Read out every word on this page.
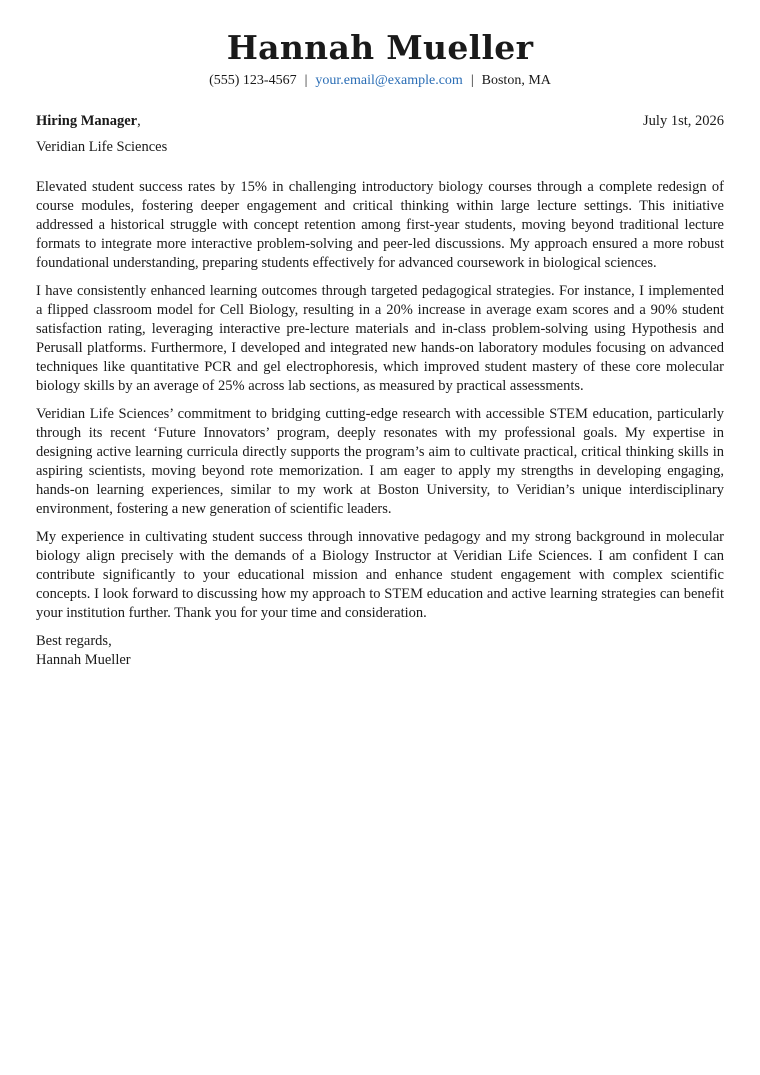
Hannah Mueller
(555) 123-4567 | your.email@example.com | Boston, MA
Hiring Manager,	July 1st, 2026
Veridian Life Sciences

Elevated student success rates by 15% in challenging introductory biology courses through a complete redesign of course modules, fostering deeper engagement and critical thinking within large lecture settings. This initiative addressed a historical struggle with concept retention among first-year students, moving beyond traditional lecture formats to integrate more interactive problem-solving and peer-led discussions. My approach ensured a more robust foundational understanding, preparing students effectively for advanced coursework in biological sciences.

I have consistently enhanced learning outcomes through targeted pedagogical strategies. For instance, I implemented a flipped classroom model for Cell Biology, resulting in a 20% increase in average exam scores and a 90% student satisfaction rating, leveraging interactive pre-lecture materials and in-class problem-solving using Hypothesis and Perusall platforms. Furthermore, I developed and integrated new hands-on laboratory modules focusing on advanced techniques like quantitative PCR and gel electrophoresis, which improved student mastery of these core molecular biology skills by an average of 25% across lab sections, as measured by practical assessments.

Veridian Life Sciences’ commitment to bridging cutting-edge research with accessible STEM education, particularly through its recent ‘Future Innovators’ program, deeply resonates with my professional goals. My expertise in designing active learning curricula directly supports the program’s aim to cultivate practical, critical thinking skills in aspiring scientists, moving beyond rote memorization. I am eager to apply my strengths in developing engaging, hands-on learning experiences, similar to my work at Boston University, to Veridian’s unique interdisciplinary environment, fostering a new generation of scientific leaders.

My experience in cultivating student success through innovative pedagogy and my strong background in molecular biology align precisely with the demands of a Biology Instructor at Veridian Life Sciences. I am confident I can contribute significantly to your educational mission and enhance student engagement with complex scientific concepts. I look forward to discussing how my approach to STEM education and active learning strategies can benefit your institution further. Thank you for your time and consideration.

Best regards,
Hannah Mueller
